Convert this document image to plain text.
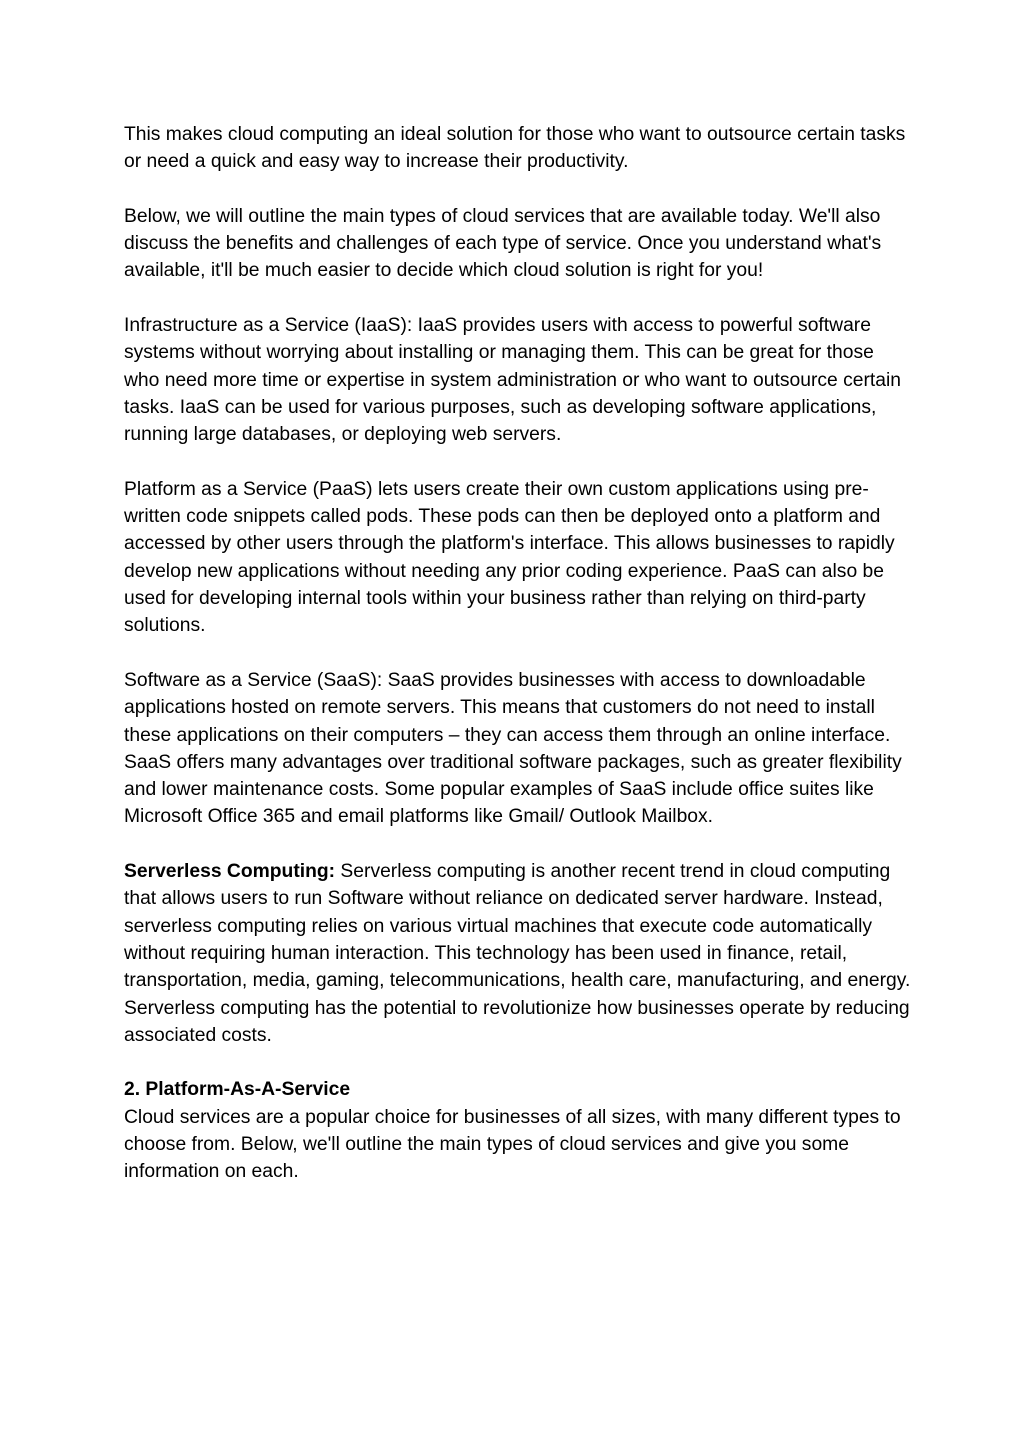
This makes cloud computing an ideal solution for those who want to outsource certain tasks or need a quick and easy way to increase their productivity.

Below, we will outline the main types of cloud services that are available today. We'll also discuss the benefits and challenges of each type of service. Once you understand what's available, it'll be much easier to decide which cloud solution is right for you!

Infrastructure as a Service (IaaS): IaaS provides users with access to powerful software systems without worrying about installing or managing them. This can be great for those who need more time or expertise in system administration or who want to outsource certain tasks. IaaS can be used for various purposes, such as developing software applications, running large databases, or deploying web servers.

Platform as a Service (PaaS) lets users create their own custom applications using pre-written code snippets called pods. These pods can then be deployed onto a platform and accessed by other users through the platform's interface. This allows businesses to rapidly develop new applications without needing any prior coding experience. PaaS can also be used for developing internal tools within your business rather than relying on third-party solutions.

Software as a Service (SaaS): SaaS provides businesses with access to downloadable applications hosted on remote servers. This means that customers do not need to install these applications on their computers – they can access them through an online interface. SaaS offers many advantages over traditional software packages, such as greater flexibility and lower maintenance costs. Some popular examples of SaaS include office suites like Microsoft Office 365 and email platforms like Gmail/ Outlook Mailbox.

Serverless Computing: Serverless computing is another recent trend in cloud computing that allows users to run Software without reliance on dedicated server hardware. Instead, serverless computing relies on various virtual machines that execute code automatically without requiring human interaction. This technology has been used in finance, retail, transportation, media, gaming, telecommunications, health care, manufacturing, and energy. Serverless computing has the potential to revolutionize how businesses operate by reducing associated costs.

2. Platform-As-A-Service

Cloud services are a popular choice for businesses of all sizes, with many different types to choose from. Below, we'll outline the main types of cloud services and give you some information on each.
